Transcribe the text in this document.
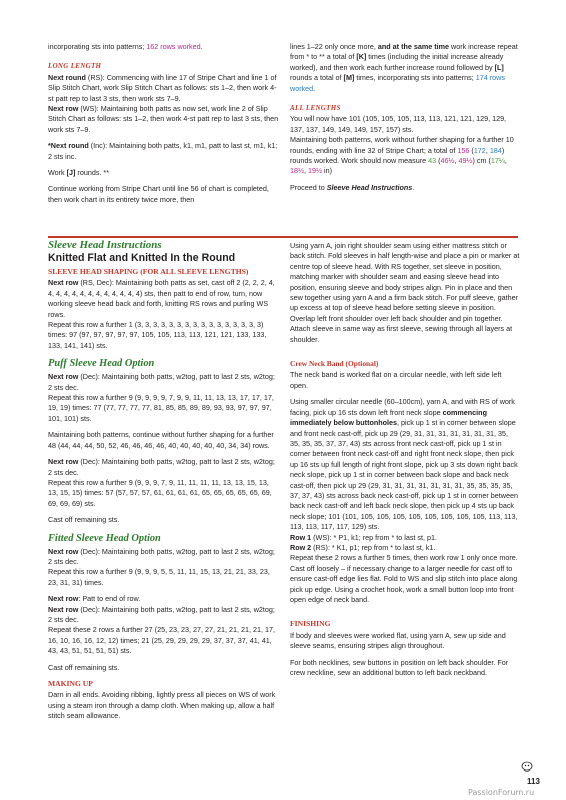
incorporating sts into patterns; 162 rows worked.

LONG LENGTH

Next round (RS): Commencing with line 17 of Stripe Chart and line 1 of Slip Stitch Chart, work Slip Stitch Chart as follows: sts 1–2, then work 4-st patt rep to last 3 sts, then work sts 7–9.

Next row (WS): Maintaining both patts as now set, work line 2 of Slip Stitch Chart as follows: sts 1–2, then work 4-st patt rep to last 3 sts, then work sts 7–9.

*Next round (Inc): Maintaining both patts, k1, m1, patt to last st, m1, k1; 2 sts inc.

Work [J] rounds. **

Continue working from Stripe Chart until line 56 of chart is completed, then work chart in its entirety twice more, then

lines 1–22 only once more, and at the same time work increase repeat from * to ** a total of [K] times (including the initial increase already worked), and then work each further increase round followed by [L] rounds a total of [M] times, incorporating sts into patterns; 174 rows worked.

ALL LENGTHS

You will now have 101 (105, 105, 105, 113, 113, 121, 121, 129, 129, 137, 137, 149, 149, 149, 157, 157) sts.

Maintaining both patterns, work without further shaping for a further 10 rounds, ending with line 32 of Stripe Chart; a total of 156 (172, 184) rounds worked. Work should now measure 43 (46½, 49½) cm (17¼, 18½, 19½ in)

Proceed to Sleeve Head Instructions.

Sleeve Head Instructions
Knitted Flat and Knitted In the Round
SLEEVE HEAD SHAPING (FOR ALL SLEEVE LENGTHS)

Next row (RS, Dec): Maintaining both patts as set, cast off 2 (2, 2, 2, 4, 4, 4, 4, 4, 4, 4, 4, 4, 4, 4, 4, 4) sts, then patt to end of row, turn, now working sleeve head back and forth, knitting RS rows and purling WS rows.

Repeat this row a further 1 (3, 3, 3, 3, 3, 3, 3, 3, 3, 3, 3, 3, 3, 3, 3, 3) times: 97 (97, 97, 97, 97, 97, 105, 105, 113, 113, 121, 121, 133, 133, 133, 141, 141) sts.

Puff Sleeve Head Option

Next row (Dec): Maintaining both patts, w2tog, patt to last 2 sts, w2tog; 2 sts dec.

Repeat this row a further 9 (9, 9, 9, 9, 7, 9, 9, 11, 11, 13, 13, 17, 17, 17, 19, 19) times: 77 (77, 77, 77, 77, 81, 85, 85, 89, 89, 93, 93, 97, 97, 97, 101, 101) sts.

Maintaining both patterns, continue without further shaping for a further 48 (44, 44, 44, 50, 52, 46, 46, 46, 46, 40, 40, 40, 40, 40, 34, 34) rows.

Next row (Dec): Maintaining both patts, w2tog, patt to last 2 sts, w2tog; 2 sts dec.

Repeat this row a further 9 (9, 9, 9, 7, 9, 11, 11, 11, 11, 13, 13, 15, 13, 13, 15, 15) times: 57 (57, 57, 57, 61, 61, 61, 61, 65, 65, 65, 65, 65, 69, 69, 69, 69) sts.

Cast off remaining sts.

Fitted Sleeve Head Option

Next row (Dec): Maintaining both patts, w2tog, patt to last 2 sts, w2tog; 2 sts dec.

Repeat this row a further 9 (9, 9, 9, 5, 5, 11, 11, 15, 13, 21, 21, 33, 23, 23, 31, 31) times.

Next row: Patt to end of row.

Next row (Dec): Maintaining both patts, w2tog, patt to last 2 sts, w2tog; 2 sts dec.

Repeat these 2 rows a further 27 (25, 23, 23, 27, 27, 21, 21, 21, 21, 17, 16, 10, 16, 16, 12, 12) times; 21 (25, 29, 29, 29, 29, 37, 37, 37, 41, 41, 43, 43, 51, 51, 51, 51) sts.

Cast off remaining sts.

MAKING UP

Darn in all ends. Avoiding ribbing, lightly press all pieces on WS of work using a steam iron through a damp cloth. When making up, allow a half stitch seam allowance.

Using yarn A, join right shoulder seam using either mattress stitch or back stitch. Fold sleeves in half length-wise and place a pin or marker at centre top of sleeve head. With RS together, set sleeve in position, matching marker with shoulder seam and easing sleeve head into position, ensuring sleeve and body stripes align. Pin in place and then sew together using yarn A and a firm back stitch. For puff sleeve, gather up excess at top of sleeve head before setting sleeve in position. Overlap left front shoulder over left back shoulder and pin together. Attach sleeve in same way as first sleeve, sewing through all layers at shoulder.

Crew Neck Band (Optional)

The neck band is worked flat on a circular needle, with left side left open.

Using smaller circular needle (60–100cm), yarn A, and with RS of work facing, pick up 16 sts down left front neck slope commencing immediately below buttonholes, pick up 1 st in corner between slope and front neck cast-off, pick up 29 (29, 31, 31, 31, 31, 31, 31, 31, 35, 35, 35, 35, 37, 37, 43) sts across front neck cast-off, pick up 1 st in corner between front neck cast-off and right front neck slope, then pick up 16 sts up full length of right front slope, pick up 3 sts down right back neck slope, pick up 1 st in corner between back slope and back neck cast-off, then pick up 29 (29, 31, 31, 31, 31, 31, 31, 31, 35, 35, 35, 35, 37, 37, 43) sts across back neck cast-off, pick up 1 st in corner between back neck cast-off and left back neck slope, then pick up 4 sts up back neck slope; 101 (101, 105, 105, 105, 105, 105, 105, 105, 105, 113, 113, 113, 113, 117, 117, 129) sts.

Row 1 (WS): * P1, k1; rep from * to last st, p1.

Row 2 (RS): * K1, p1; rep from * to last st, k1.

Repeat these 2 rows a further 5 times, then work row 1 only once more. Cast off loosely – if necessary change to a larger needle for cast off to ensure cast-off edge lies flat. Fold to WS and slip stitch into place along pick up edge. Using a crochet hook, work a small button loop into front open edge of neck band.

FINISHING

If body and sleeves were worked flat, using yarn A, sew up side and sleeve seams, ensuring stripes align throughout.

For both necklines, sew buttons in position on left back shoulder. For crew neckline, sew an additional button to left back neckband.

113
PassionForum.ru
